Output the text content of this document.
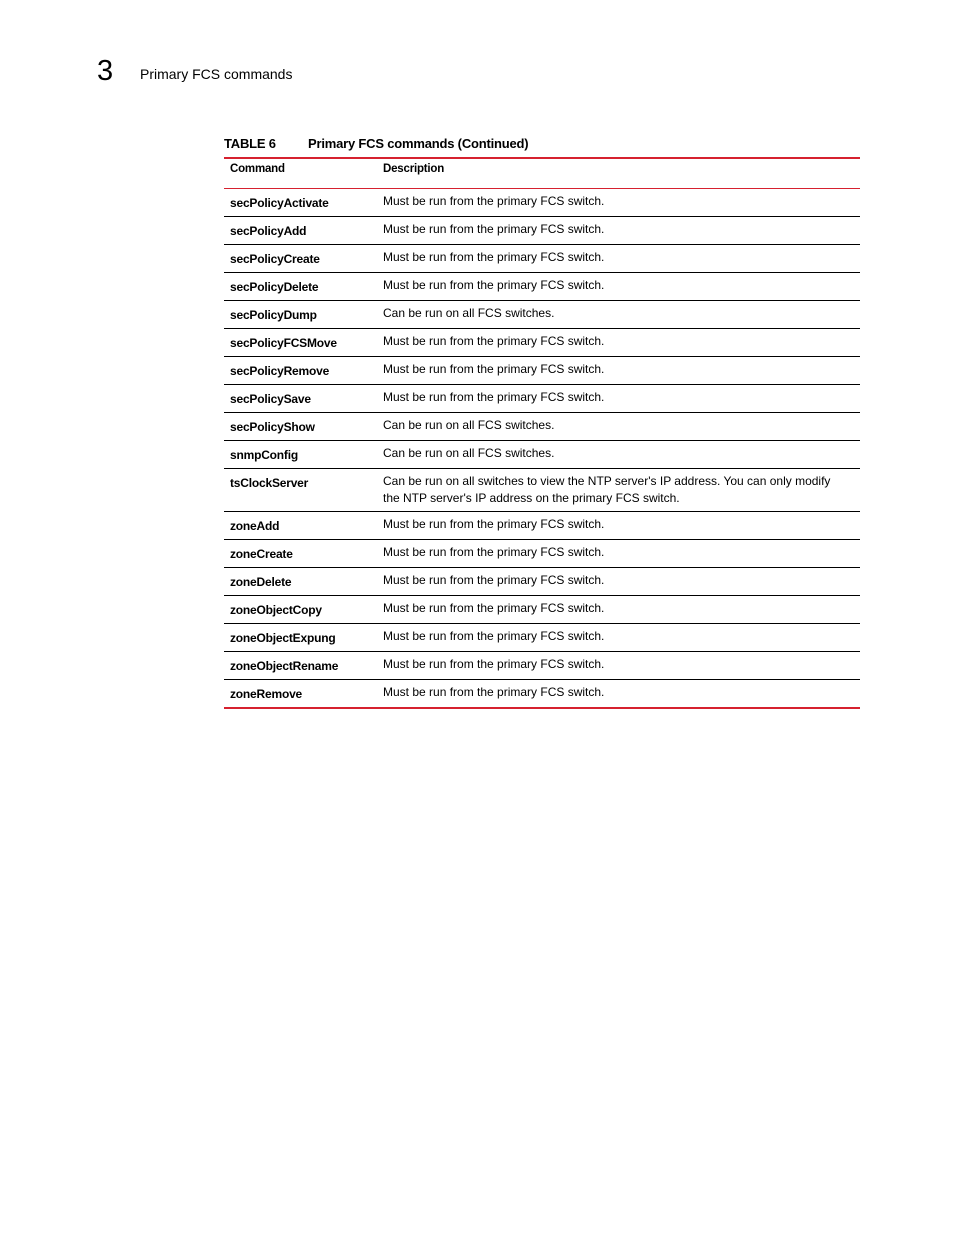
3 Primary FCS commands
TABLE 6 Primary FCS commands (Continued)
Command	Description
secPolicyActivate	Must be run from the primary FCS switch.
secPolicyAdd	Must be run from the primary FCS switch.
secPolicyCreate	Must be run from the primary FCS switch.
secPolicyDelete	Must be run from the primary FCS switch.
secPolicyDump	Can be run on all FCS switches.
secPolicyFCSMove	Must be run from the primary FCS switch.
secPolicyRemove	Must be run from the primary FCS switch.
secPolicySave	Must be run from the primary FCS switch.
secPolicyShow	Can be run on all FCS switches.
snmpConfig	Can be run on all FCS switches.
tsClockServer	Can be run on all switches to view the NTP server's IP address. You can only modify the NTP server's IP address on the primary FCS switch.
zoneAdd	Must be run from the primary FCS switch.
zoneCreate	Must be run from the primary FCS switch.
zoneDelete	Must be run from the primary FCS switch.
zoneObjectCopy	Must be run from the primary FCS switch.
zoneObjectExpung	Must be run from the primary FCS switch.
zoneObjectRename	Must be run from the primary FCS switch.
zoneRemove	Must be run from the primary FCS switch.
